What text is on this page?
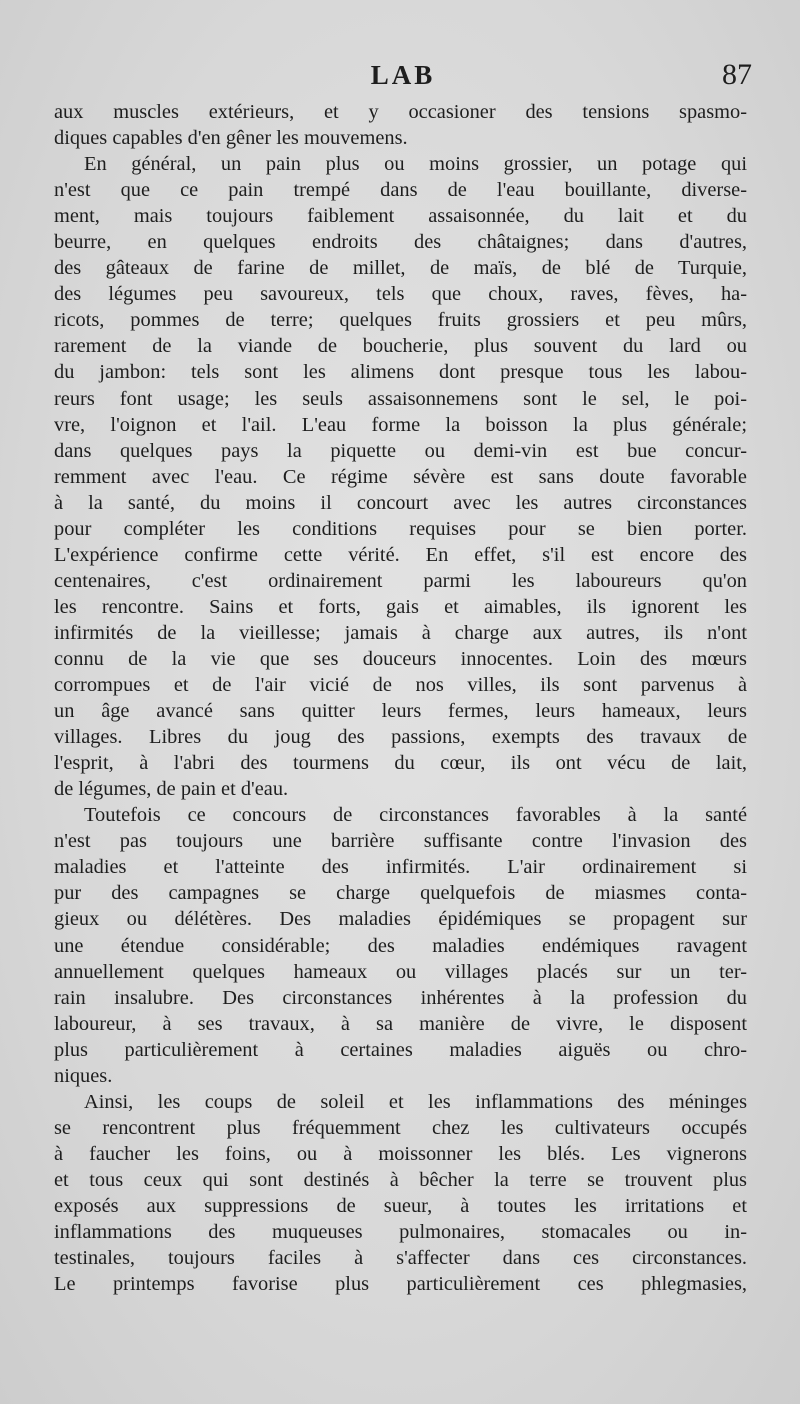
LAB	87
aux muscles extérieurs, et y occasioner des tensions spasmo-
diques capables d'en gêner les mouvemens.
En général, un pain plus ou moins grossier, un potage qui
n'est que ce pain trempé dans de l'eau bouillante, diverse-
ment, mais toujours faiblement assaisonnée, du lait et du
beurre, en quelques endroits des châtaignes; dans d'autres,
des gâteaux de farine de millet, de maïs, de blé de Turquie,
des légumes peu savoureux, tels que choux, raves, fèves, ha-
ricots, pommes de terre; quelques fruits grossiers et peu mûrs,
rarement de la viande de boucherie, plus souvent du lard ou
du jambon: tels sont les alimens dont presque tous les labou-
reurs font usage; les seuls assaisonnemens sont le sel, le poi-
vre, l'oignon et l'ail. L'eau forme la boisson la plus générale;
dans quelques pays la piquette ou demi-vin est bue concur-
remment avec l'eau. Ce régime sévère est sans doute favorable
à la santé, du moins il concourt avec les autres circonstances
pour compléter les conditions requises pour se bien porter.
L'expérience confirme cette vérité. En effet, s'il est encore des
centenaires, c'est ordinairement parmi les laboureurs qu'on
les rencontre. Sains et forts, gais et aimables, ils ignorent les
infirmités de la vieillesse; jamais à charge aux autres, ils n'ont
connu de la vie que ses douceurs innocentes. Loin des mœurs
corrompues et de l'air vicié de nos villes, ils sont parvenus à
un âge avancé sans quitter leurs fermes, leurs hameaux, leurs
villages. Libres du joug des passions, exempts des travaux de
l'esprit, à l'abri des tourmens du cœur, ils ont vécu de lait,
de légumes, de pain et d'eau.
Toutefois ce concours de circonstances favorables à la santé
n'est pas toujours une barrière suffisante contre l'invasion des
maladies et l'atteinte des infirmités. L'air ordinairement si
pur des campagnes se charge quelquefois de miasmes conta-
gieux ou délétères. Des maladies épidémiques se propagent sur
une étendue considérable; des maladies endémiques ravagent
annuellement quelques hameaux ou villages placés sur un ter-
rain insalubre. Des circonstances inhérentes à la profession du
laboureur, à ses travaux, à sa manière de vivre, le disposent
plus particulièrement à certaines maladies aiguës ou chro-
niques.
Ainsi, les coups de soleil et les inflammations des méninges
se rencontrent plus fréquemment chez les cultivateurs occupés
à faucher les foins, ou à moissonner les blés. Les vignerons
et tous ceux qui sont destinés à bêcher la terre se trouvent plus
exposés aux suppressions de sueur, à toutes les irritations et
inflammations des muqueuses pulmonaires, stomacales ou in-
testinales, toujours faciles à s'affecter dans ces circonstances.
Le printemps favorise plus particulièrement ces phlegmasies,
